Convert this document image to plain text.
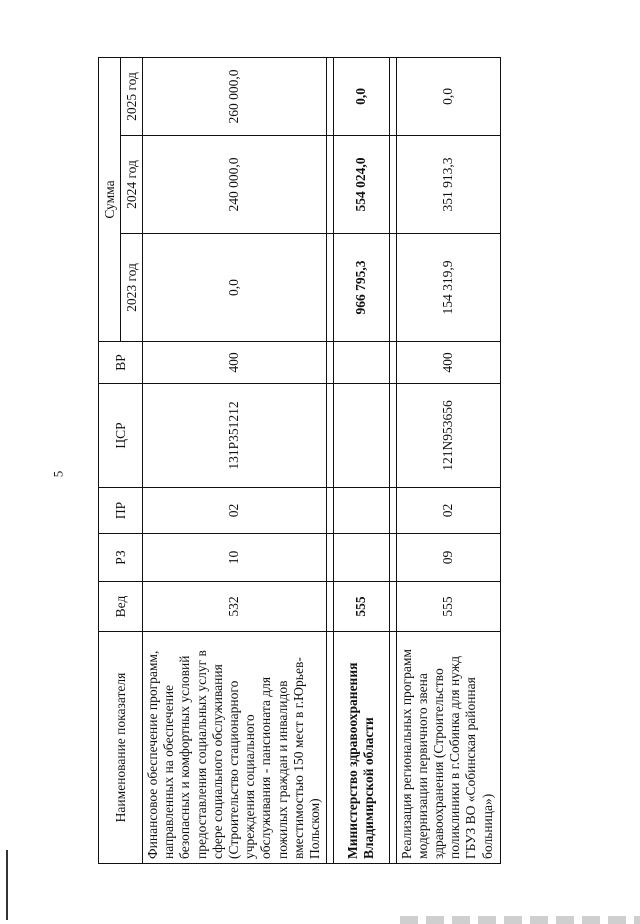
5
Наименование показателя	Вед	РЗ	ПР	ЦСР	ВР	Сумма		
						2023 год	2024 год	2025 год
Финансовое обеспечение программ, направленных на обеспечение безопасных и комфортных условий предоставления социальных услуг в сфере социального обслуживания (Строительство стационарного учреждения социального обслуживания - пансионата для пожилых граждан и инвалидов вместимостью 150 мест в г.Юрьев-Польском)	532	10	02	131P351212	400	0,0	240 000,0	260 000,0

Министерство здравоохранения Владимирской области	555					966 795,3	554 024,0	0,0

Реализация региональных программ модернизации первичного звена здравоохранения (Строительство поликлиники в г.Собинка для нужд ГБУЗ ВО «Собинская районная больница»)	555	09	02	121N953656	400	154 319,9	351 913,3	0,0
